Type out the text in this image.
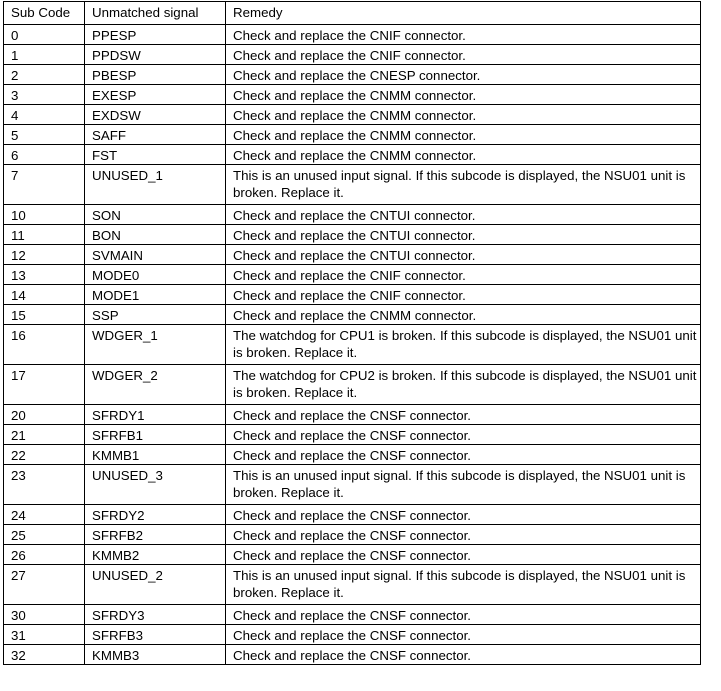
Sub Code	Unmatched signal	Remedy
0	PPESP	Check and replace the CNIF connector.
1	PPDSW	Check and replace the CNIF connector.
2	PBESP	Check and replace the CNESP connector.
3	EXESP	Check and replace the CNMM connector.
4	EXDSW	Check and replace the CNMM connector.
5	SAFF	Check and replace the CNMM connector.
6	FST	Check and replace the CNMM connector.
7	UNUSED_1	This is an unused input signal. If this subcode is displayed, the NSU01 unit is broken. Replace it.
10	SON	Check and replace the CNTUI connector.
11	BON	Check and replace the CNTUI connector.
12	SVMAIN	Check and replace the CNTUI connector.
13	MODE0	Check and replace the CNIF connector.
14	MODE1	Check and replace the CNIF connector.
15	SSP	Check and replace the CNMM connector.
16	WDGER_1	The watchdog for CPU1 is broken. If this subcode is displayed, the NSU01 unit is broken. Replace it.
17	WDGER_2	The watchdog for CPU2 is broken. If this subcode is displayed, the NSU01 unit is broken. Replace it.
20	SFRDY1	Check and replace the CNSF connector.
21	SFRFB1	Check and replace the CNSF connector.
22	KMMB1	Check and replace the CNSF connector.
23	UNUSED_3	This is an unused input signal. If this subcode is displayed, the NSU01 unit is broken. Replace it.
24	SFRDY2	Check and replace the CNSF connector.
25	SFRFB2	Check and replace the CNSF connector.
26	KMMB2	Check and replace the CNSF connector.
27	UNUSED_2	This is an unused input signal. If this subcode is displayed, the NSU01 unit is broken. Replace it.
30	SFRDY3	Check and replace the CNSF connector.
31	SFRFB3	Check and replace the CNSF connector.
32	KMMB3	Check and replace the CNSF connector.
